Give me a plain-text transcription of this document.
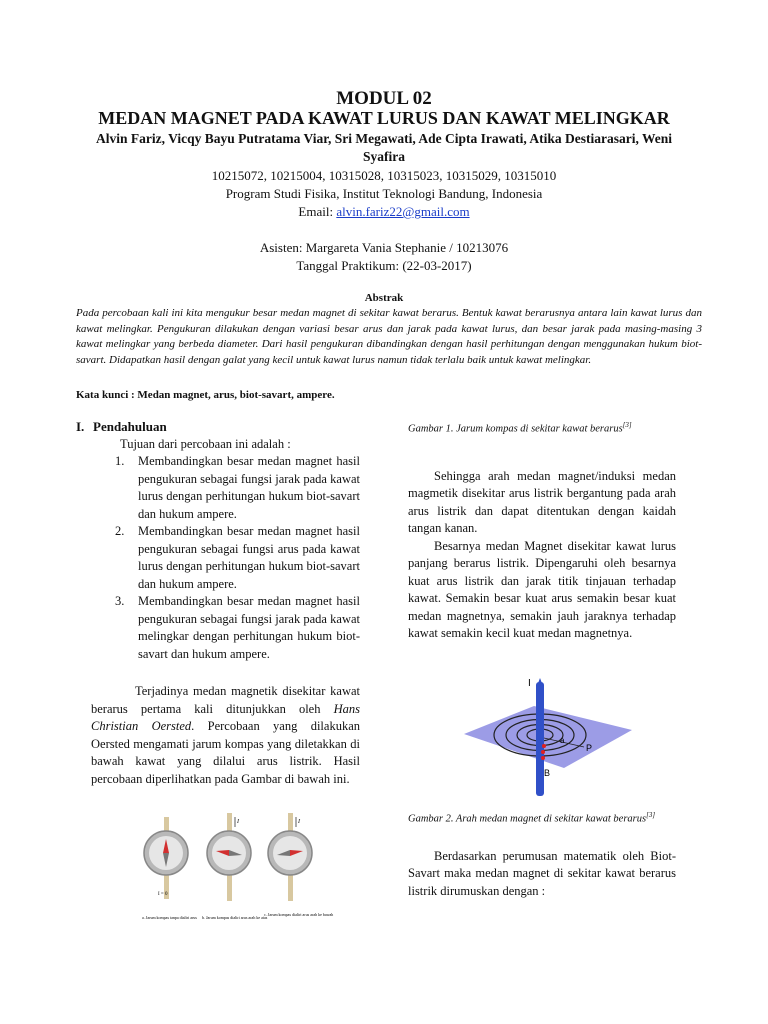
MODUL 02
MEDAN MAGNET PADA KAWAT LURUS DAN KAWAT MELINGKAR
Alvin Fariz, Vicqy Bayu Putratama Viar, Sri Megawati, Ade Cipta Irawati, Atika Destiarasari, Weni Syafira
10215072, 10215004, 10315028, 10315023, 10315029, 10315010
Program Studi Fisika, Institut Teknologi Bandung, Indonesia
Email: alvin.fariz22@gmail.com
Asisten: Margareta Vania Stephanie / 10213076
Tanggal Praktikum: (22-03-2017)
Abstrak
Pada percobaan kali ini kita mengukur besar medan magnet di sekitar kawat berarus. Bentuk kawat berarusnya antara lain kawat lurus dan kawat melingkar. Pengukuran dilakukan dengan variasi besar arus dan jarak pada kawat lurus, dan besar jarak pada masing-masing 3 kawat melingkar yang berbeda diameter. Dari hasil pengukuran dibandingkan dengan hasil perhitungan dengan menggunakan hukum biot-savart. Didapatkan hasil dengan galat yang kecil untuk kawat lurus namun tidak terlalu baik untuk kawat melingkar.
Kata kunci : Medan magnet, arus, biot-savart, ampere.
I. Pendahuluan
Tujuan dari percobaan ini adalah :
1. Membandingkan besar medan magnet hasil pengukuran sebagai fungsi jarak pada kawat lurus dengan perhitungan hukum biot-savart dan hukum ampere.
2. Membandingkan besar medan magnet hasil pengukuran sebagai fungsi arus pada kawat lurus dengan perhitungan hukum biot-savart dan hukum ampere.
3. Membandingkan besar medan magnet hasil pengukuran sebagai fungsi jarak pada kawat melingkar dengan perhitungan hukum biot-savart dan hukum ampere.
Terjadinya medan magnetik disekitar kawat berarus pertama kali ditunjukkan oleh Hans Christian Oersted. Percobaan yang dilakukan Oersted mengamati jarum kompas yang diletakkan di bawah kawat yang dilalui arus listrik. Hasil percobaan diperlihatkan pada Gambar di bawah ini.
I = 0
I	I
a. Jarum kompas tanpa dialiri arus b. Jarum kompas dialiri arus arah ke atas
c. Jarum kompas dialiri arus arah ke bawah
Gambar 1. Jarum kompas di sekitar kawat berarus[3]
Sehingga arah medan magnet/induksi medan magmetik disekitar arus listrik bergantung pada arah arus listrik dan dapat ditentukan dengan kaidah tangan kanan.
Besarnya medan Magnet disekitar kawat lurus panjang berarus listrik. Dipengaruhi oleh besarnya kuat arus listrik dan jarak titik tinjauan terhadap kawat. Semakin besar kuat arus semakin besar kuat medan magnetnya, semakin jauh jaraknya terhadap kawat semakin kecil kuat medan magnetnya.
I
a
P
B
Gambar 2. Arah medan magnet di sekitar kawat berarus[3]
Berdasarkan perumusan matematik oleh Biot-Savart maka medan magnet di sekitar kawat berarus listrik dirumuskan dengan :
